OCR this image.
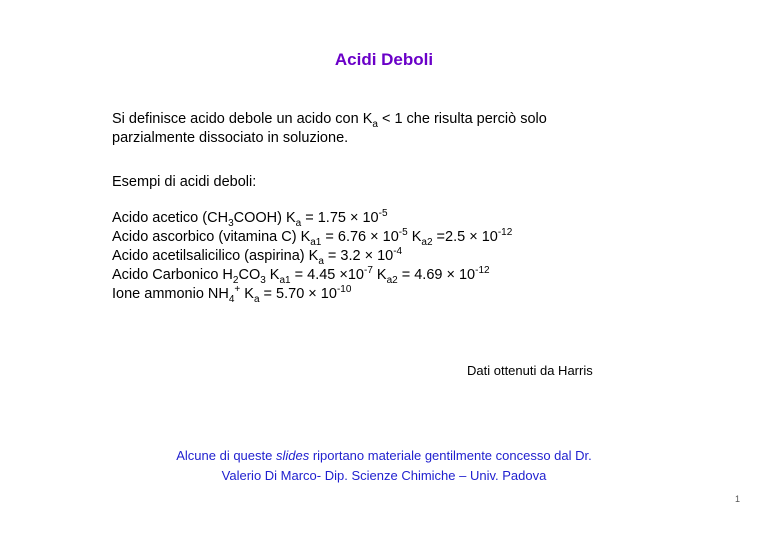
Acidi Deboli
Si definisce acido debole un acido con $K_a < 1$ che risulta perciò solo
parzialmente dissociato in soluzione.
Esempi di acidi deboli:
Acido acetico $(CH_3COOH) K_a = 1.75 \times 10^{-5}$
Acido ascorbico (vitamina C) $K_{a1} = 6.76 \times 10^{-5}$ $K_{a2} =2.5 \times 10^{-12}$
Acido acetilsalicilico (aspirina) $K_a = 3.2 \times 10^{-4}$
Acido Carbonico $H_2CO_3$ $K_{a1} = 4.45 \times 10^{-7}$ $K_{a2} = 4.69 \times 10^{-12}$
Ione ammonio $NH_4^+$ $K_a = 5.70 \times 10^{-10}$
Dati ottenuti da Harris
Alcune di queste slides riportano materiale gentilmente concesso dal Dr.
Valerio Di Marco- Dip. Scienze Chimiche – Univ. Padova
1
